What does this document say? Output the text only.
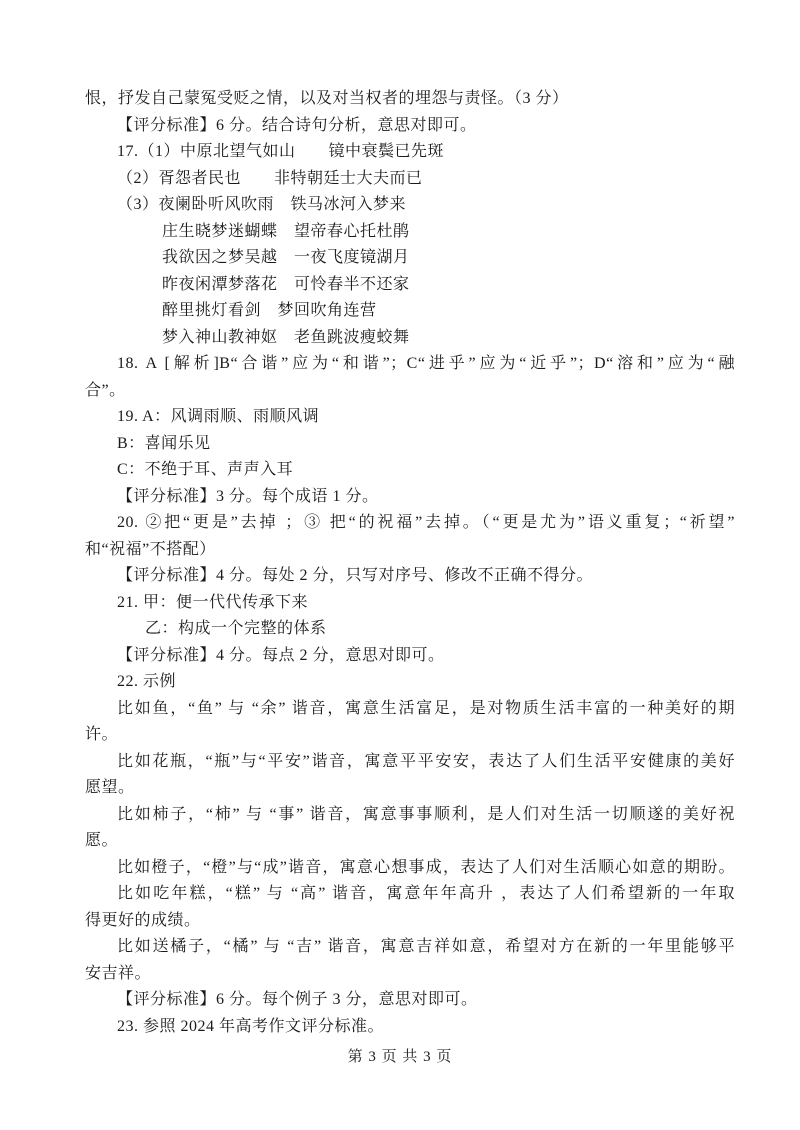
恨，抒发自己蒙冤受贬之情，以及对当权者的埋怨与责怪。（3 分）
【评分标准】6 分。结合诗句分析，意思对即可。
17.（1）中原北望气如山　　镜中衰鬓已先斑
（2）胥怨者民也　　非特朝廷士大夫而已
（3）夜阑卧听风吹雨　铁马冰河入梦来
庄生晓梦迷蝴蝶　望帝春心托杜鹃
我欲因之梦吴越　一夜飞度镜湖月
昨夜闲潭梦落花　可怜春半不还家
醉里挑灯看剑　梦回吹角连营
梦入神山教神妪　老鱼跳波瘦蛟舞
18. A [解析]B“合谐”应为“和谐”；C“进乎”应为“近乎”；D“溶和”应为“融
合”。
19. A：风调雨顺、雨顺风调
B：喜闻乐见
C：不绝于耳、声声入耳
【评分标准】3 分。每个成语 1 分。
20. ②把“更是”去掉 ；③ 把“的祝福”去掉。（“更是尤为”语义重复；“祈望”
和“祝福”不搭配）
【评分标准】4 分。每处 2 分，只写对序号、修改不正确不得分。
21. 甲：便一代代传承下来
乙：构成一个完整的体系
【评分标准】4 分。每点 2 分，意思对即可。
22. 示例
比如鱼，“鱼” 与 “余” 谐音，寓意生活富足，是对物质生活丰富的一种美好的期
许。
比如花瓶，“瓶”与“平安”谐音，寓意平平安安，表达了人们生活平安健康的美好
愿望。
比如柿子，“柿” 与 “事” 谐音，寓意事事顺利，是人们对生活一切顺遂的美好祝
愿。
比如橙子，“橙”与“成”谐音，寓意心想事成，表达了人们对生活顺心如意的期盼。
比如吃年糕，“糕” 与 “高” 谐音，寓意年年高升 ，表达了人们希望新的一年取
得更好的成绩。
比如送橘子，“橘” 与 “吉” 谐音，寓意吉祥如意，希望对方在新的一年里能够平
安吉祥。
【评分标准】6 分。每个例子 3 分，意思对即可。
23. 参照 2024 年高考作文评分标准。
第 3 页 共 3 页
